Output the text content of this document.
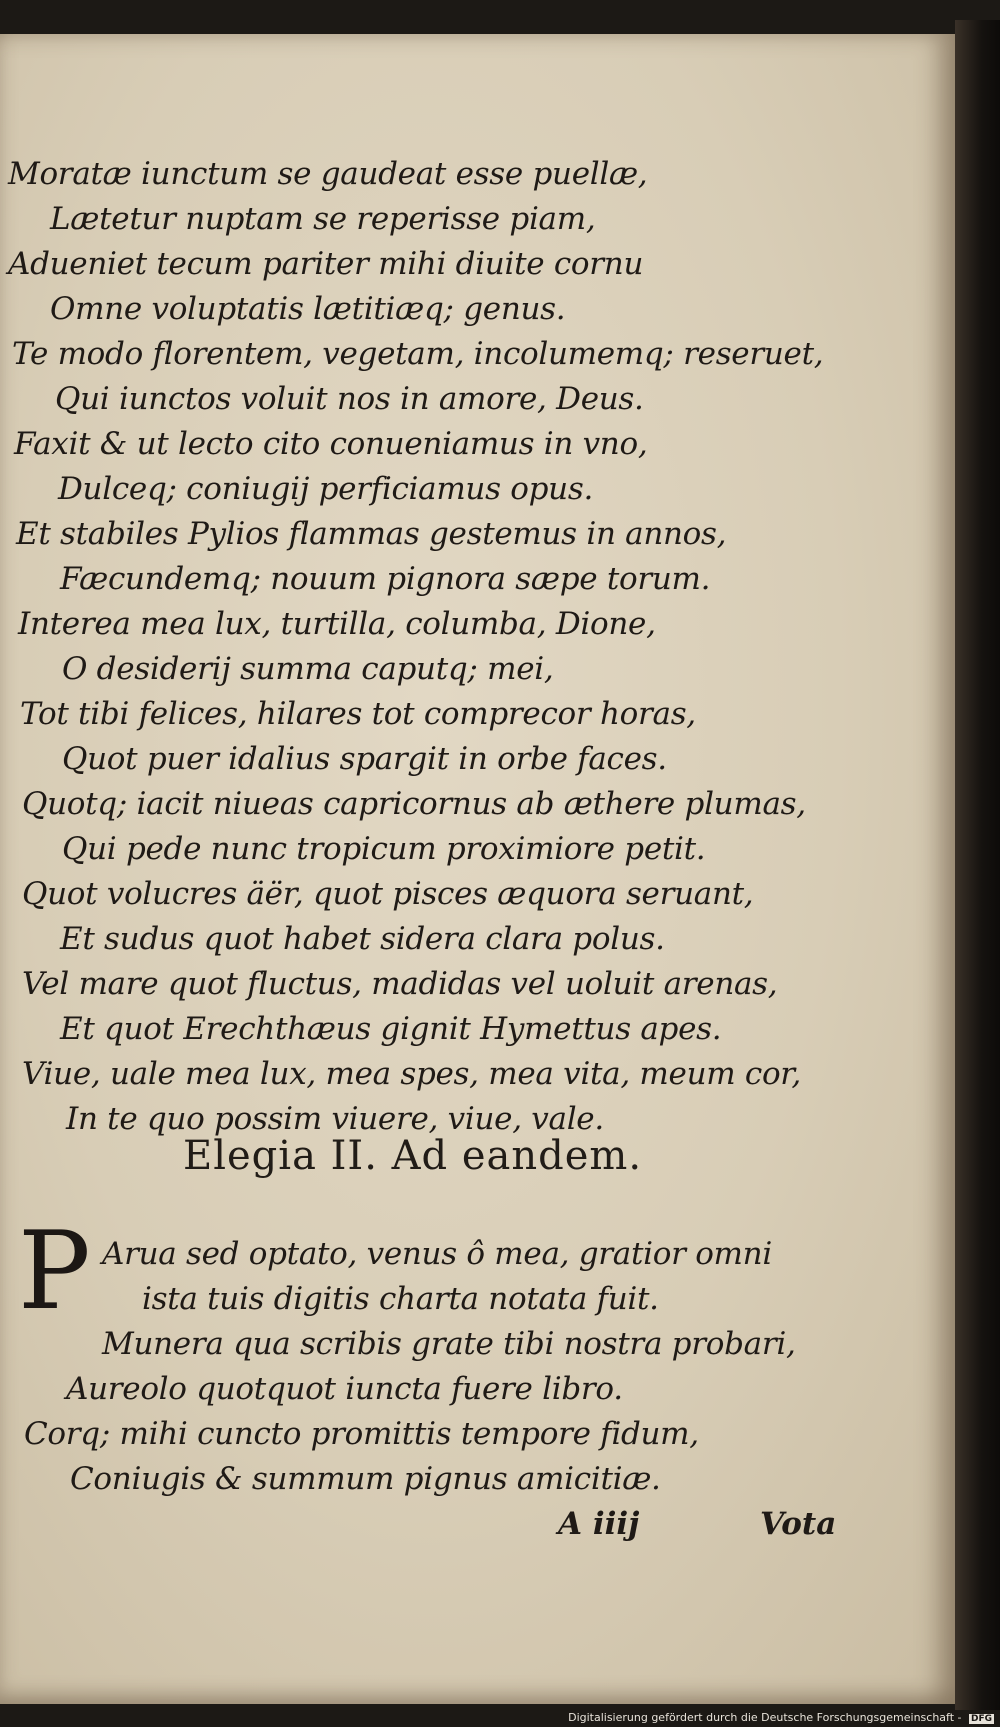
Moratæ iunctum se gaudeat esse puellæ,
Lætetur nuptam se reperisse piam,
Adueniet tecum pariter mihi diuite cornu
Omne voluptatis lætitiæq; genus.
Te modo florentem, vegetam, incolumemq; reseruet,
Qui iunctos voluit nos in amore, Deus.
Faxit & ut lecto cito conueniamus in vno,
Dulceq; coniugij perficiamus opus.
Et stabiles Pylios flammas gestemus in annos,
Fæcundemq; nouum pignora sæpe torum.
Interea mea lux, turtilla, columba, Dione,
O desiderij summa caputq; mei,
Tot tibi felices, hilares tot comprecor horas,
Quot puer idalius spargit in orbe faces.
Quotq; iacit niueas capricornus ab æthere plumas,
Qui pede nunc tropicum proximiore petit.
Quot volucres äër, quot pisces æquora seruant,
Et sudus quot habet sidera clara polus.
Vel mare quot fluctus, madidas vel uoluit arenas,
Et quot Erechthæus gignit Hymettus apes.
Viue, uale mea lux, mea spes, mea vita, meum cor,
In te quo possim viuere, viue, vale.
Elegia II. Ad eandem.
P Arua sed optato, venus ô mea, gratior omni
ista tuis digitis charta notata fuit.
Munera qua scribis grate tibi nostra probari,
Aureolo quotquot iuncta fuere libro.
Corq; mihi cuncto promittis tempore fidum,
Coniugis & summum pignus amicitiæ.
A iiij	Vota
Digitalisierung gefördert durch die Deutsche Forschungsgemeinschaft - DFG
